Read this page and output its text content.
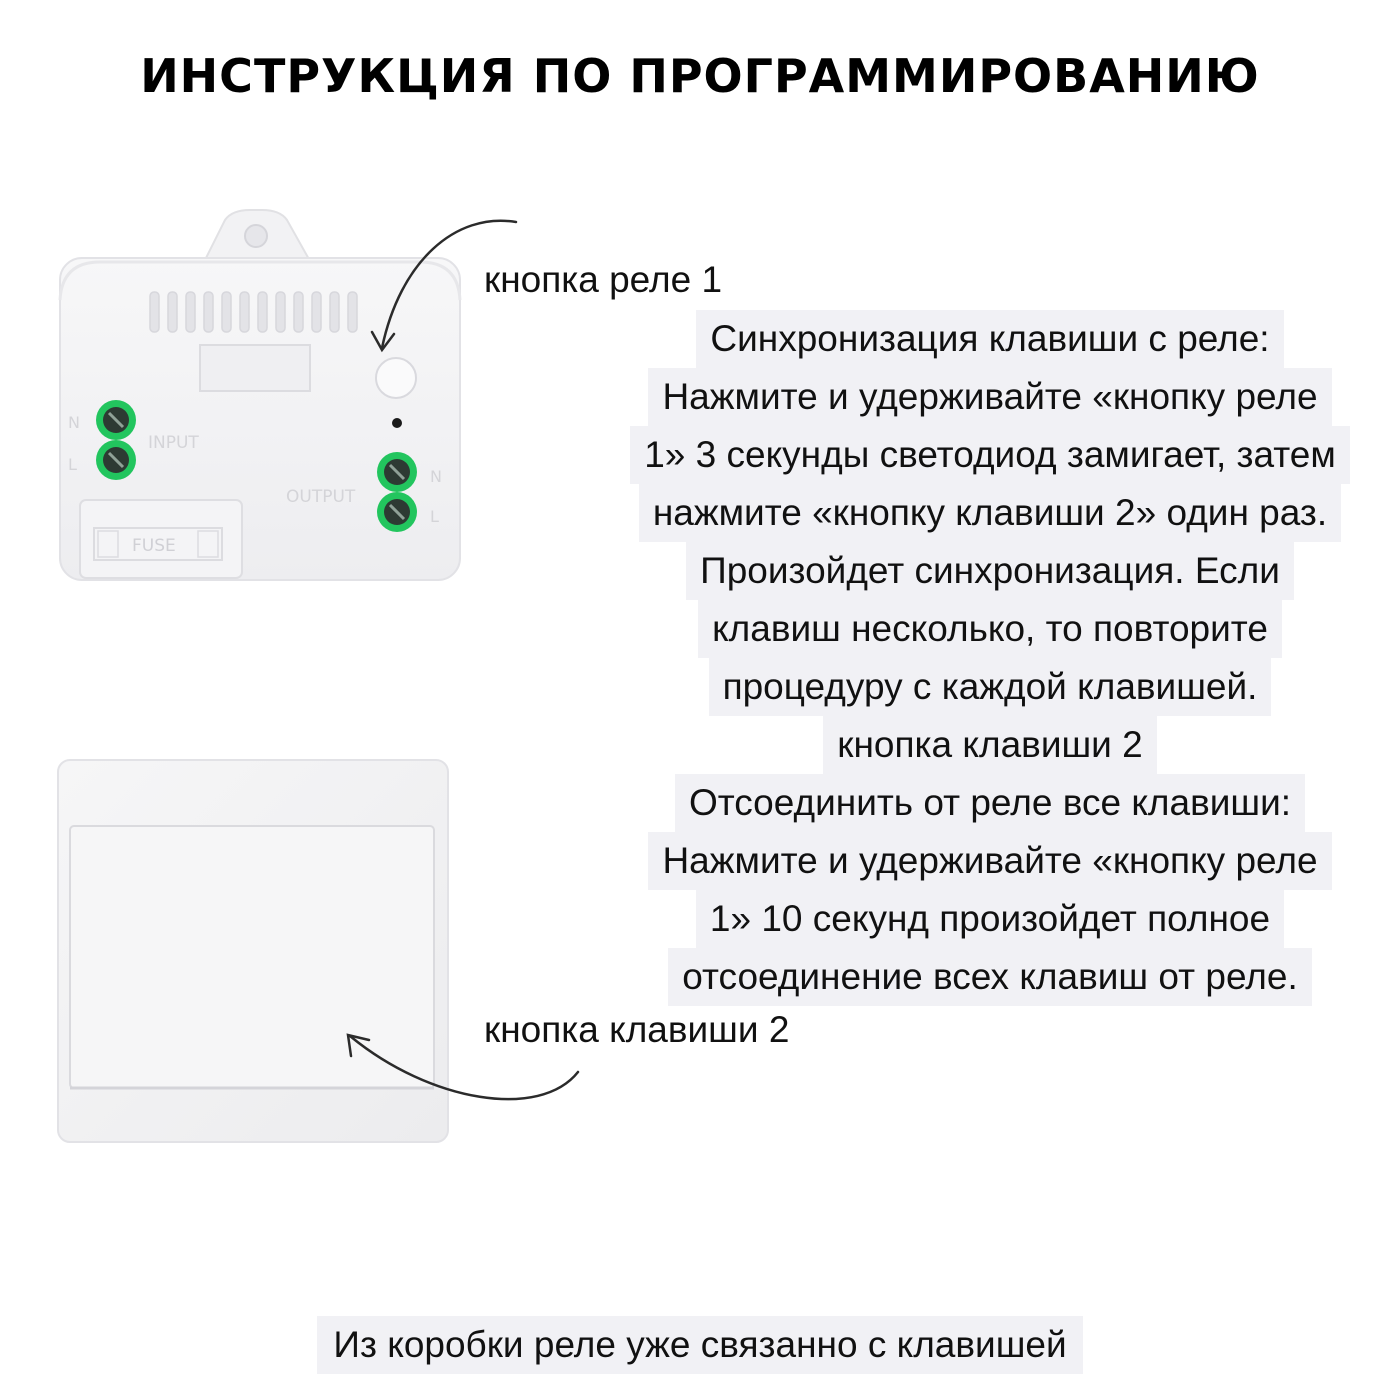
ИНСТРУКЦИЯ ПО ПРОГРАММИРОВАНИЮ
INPUT
OUTPUT
N
L
N
L
FUSE
кнопка реле 1
Синхронизация клавиши с реле:
Нажмите и удерживайте «кнопку реле
1» 3 секунды светодиод замигает, затем
нажмите «кнопку клавиши 2» один раз.
Произойдет синхронизация. Если
клавиш несколько, то повторите
процедуру с каждой клавишей.
кнопка клавиши 2
Отсоединить от реле все клавиши:
Нажмите и удерживайте «кнопку реле
1» 10 секунд произойдет полное
отсоединение всех клавиш от реле.
кнопка клавиши 2
Из коробки реле уже связанно с клавишей
